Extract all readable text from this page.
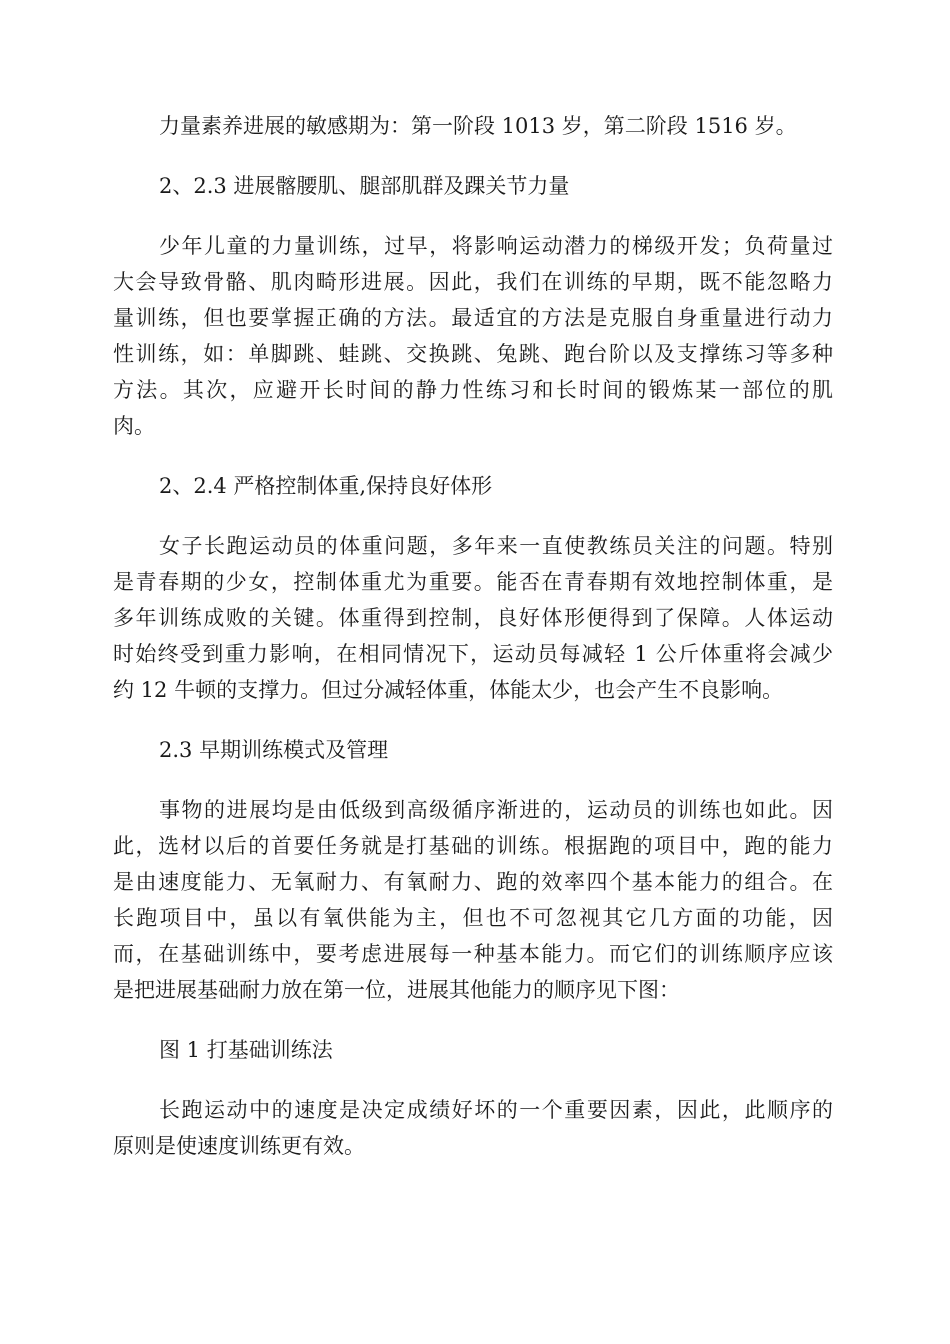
力量素养进展的敏感期为：第一阶段 1013 岁，第二阶段 1516 岁。
2、2.3 进展髂腰肌、腿部肌群及踝关节力量
少年儿童的力量训练，过早，将影响运动潜力的梯级开发；负荷量过
大会导致骨骼、肌肉畸形进展。因此，我们在训练的早期，既不能忽略力
量训练，但也要掌握正确的方法。最适宜的方法是克服自身重量进行动力
性训练，如：单脚跳、蛙跳、交换跳、兔跳、跑台阶以及支撑练习等多种
方法。其次，应避开长时间的静力性练习和长时间的锻炼某一部位的肌
肉。
2、2.4 严格控制体重,保持良好体形
女子长跑运动员的体重问题，多年来一直使教练员关注的问题。特别
是青春期的少女，控制体重尤为重要。能否在青春期有效地控制体重，是
多年训练成败的关键。体重得到控制，良好体形便得到了保障。人体运动
时始终受到重力影响，在相同情况下，运动员每减轻 1 公斤体重将会减少
约 12 牛顿的支撑力。但过分减轻体重，体能太少，也会产生不良影响。
2.3 早期训练模式及管理
事物的进展均是由低级到高级循序渐进的，运动员的训练也如此。因
此，选材以后的首要任务就是打基础的训练。根据跑的项目中，跑的能力
是由速度能力、无氧耐力、有氧耐力、跑的效率四个基本能力的组合。在
长跑项目中，虽以有氧供能为主，但也不可忽视其它几方面的功能，因
而，在基础训练中，要考虑进展每一种基本能力。而它们的训练顺序应该
是把进展基础耐力放在第一位，进展其他能力的顺序见下图：
图 1 打基础训练法
长跑运动中的速度是决定成绩好坏的一个重要因素，因此，此顺序的
原则是使速度训练更有效。
